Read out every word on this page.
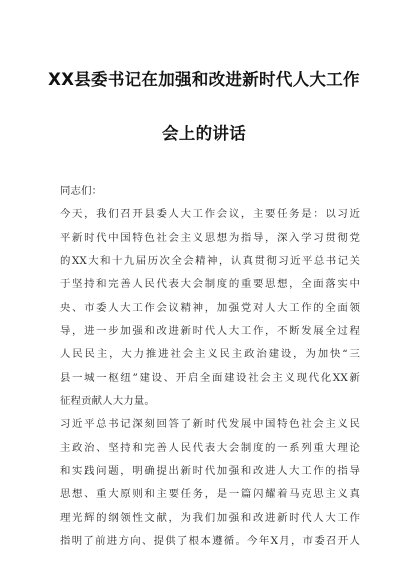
XX县委书记在加强和改进新时代人大工作
会上的讲话
同志们：
今天，我们召开县委人大工作会议，主要任务是：以习近
平新时代中国特色社会主义思想为指导，深入学习贯彻党
的XX大和十九届历次全会精神，认真贯彻习近平总书记关
于坚持和完善人民代表大会制度的重要思想，全面落实中
央、市委人大工作会议精神，加强党对人大工作的全面领
导，进一步加强和改进新时代人大工作，不断发展全过程
人民民主，大力推进社会主义民主政治建设，为加快“三
县一城一枢纽”建设、开启全面建设社会主义现代化XX新
征程贡献人大力量。
习近平总书记深刻回答了新时代发展中国特色社会主义民
主政治、坚持和完善人民代表大会制度的一系列重大理论
和实践问题，明确提出新时代加强和改进人大工作的指导
思想、重大原则和主要任务，是一篇闪耀着马克思主义真
理光辉的纲领性文献，为我们加强和改进新时代人大工作
指明了前进方向、提供了根本遵循。今年X月，市委召开人
